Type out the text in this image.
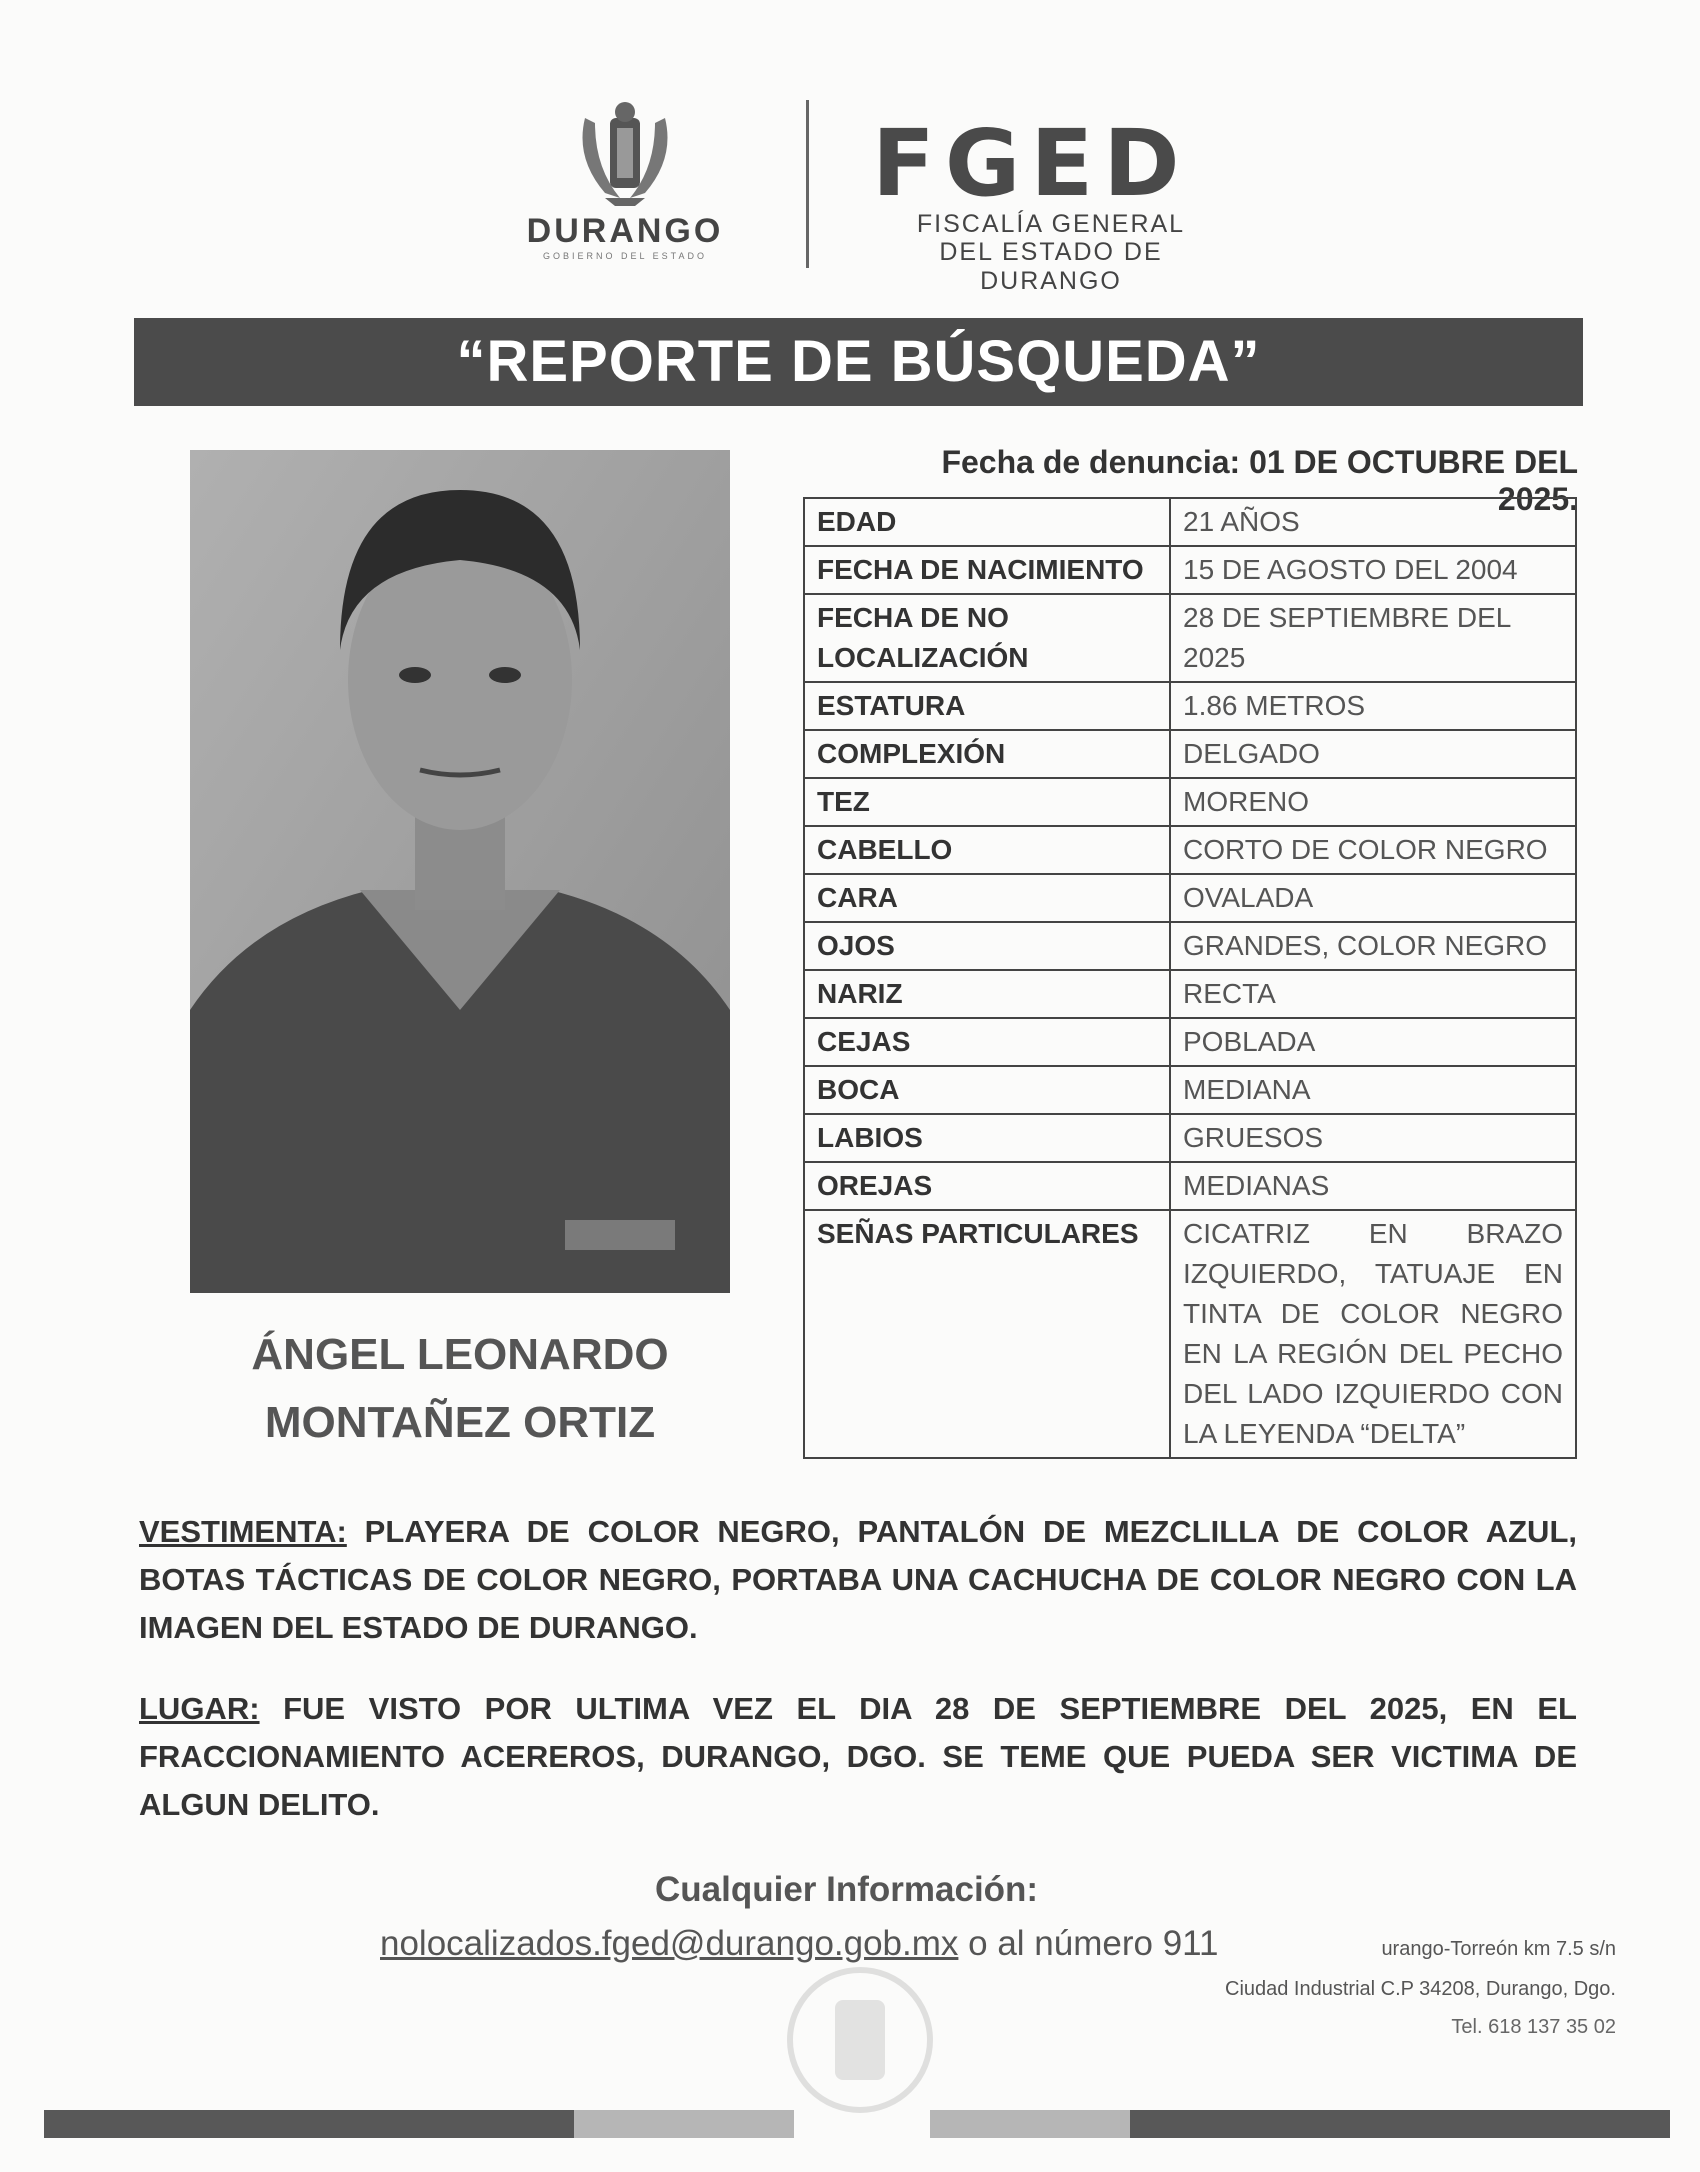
DURANGO
GOBIERNO DEL ESTADO
FGED
FISCALÍA GENERAL
DEL ESTADO DE DURANGO
“REPORTE DE BÚSQUEDA”
ÁNGEL LEONARDO
MONTAÑEZ ORTIZ
Fecha de denuncia: 01 DE OCTUBRE DEL 2025.
EDAD	21 AÑOS
FECHA DE NACIMIENTO	15 DE AGOSTO DEL 2004
FECHA DE NO LOCALIZACIÓN	28 DE SEPTIEMBRE DEL 2025
ESTATURA	1.86 METROS
COMPLEXIÓN	DELGADO
TEZ	MORENO
CABELLO	CORTO DE COLOR NEGRO
CARA	OVALADA
OJOS	GRANDES, COLOR NEGRO
NARIZ	RECTA
CEJAS	POBLADA
BOCA	MEDIANA
LABIOS	GRUESOS
OREJAS	MEDIANAS
SEÑAS PARTICULARES	CICATRIZ EN BRAZO IZQUIERDO, TATUAJE EN TINTA DE COLOR NEGRO EN LA REGIÓN DEL PECHO DEL LADO IZQUIERDO CON LA LEYENDA “DELTA”
VESTIMENTA: PLAYERA DE COLOR NEGRO, PANTALÓN DE MEZCLILLA DE COLOR AZUL, BOTAS TÁCTICAS DE COLOR NEGRO, PORTABA UNA CACHUCHA DE COLOR NEGRO CON LA IMAGEN DEL ESTADO DE DURANGO.
LUGAR: FUE VISTO POR ULTIMA VEZ EL DIA 28 DE SEPTIEMBRE DEL 2025, EN EL FRACCIONAMIENTO ACEREROS, DURANGO, DGO. SE TEME QUE PUEDA SER VICTIMA DE ALGUN DELITO.
Cualquier Información:
nolocalizados.fged@durango.gob.mx o al número 911	urango-Torreón km 7.5 s/n
Ciudad Industrial C.P 34208, Durango, Dgo.
Tel. 618 137 35 02
